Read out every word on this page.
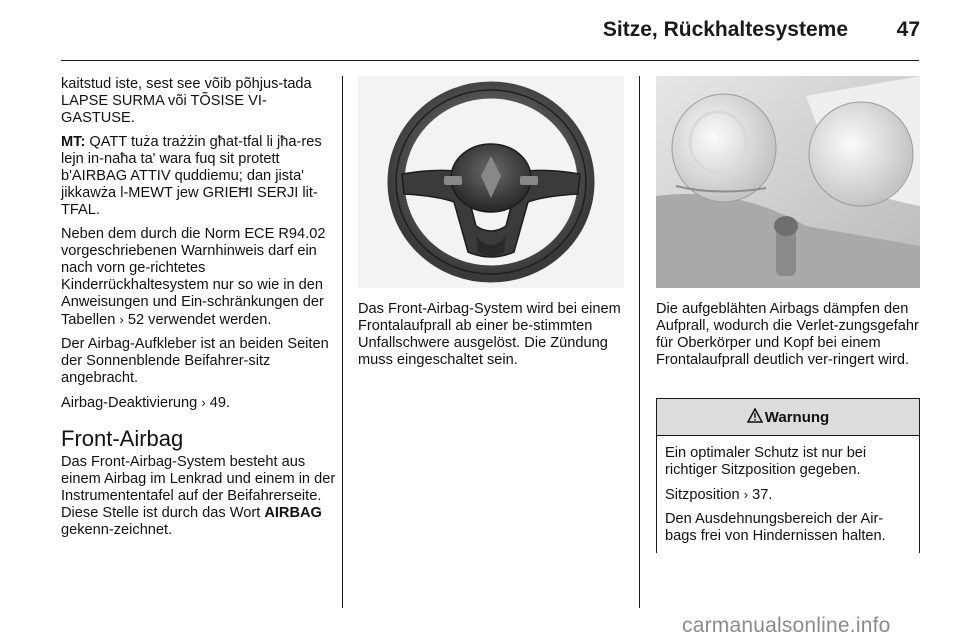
Sitze, Rückhaltesysteme 47

kaitstud iste, sest see võib põhjus-tada LAPSE SURMA või TÕSISE VI-GASTUSE.

MT: QATT tuża trażżin għat-tfal li jħa-res lejn in-naħa ta' wara fuq sit protett b'AIRBAG ATTIV quddiemu; dan jista' jikkawża l-MEWT jew GRIEĦI SERJI lit-TFAL.

Neben dem durch die Norm ECE R94.02 vorgeschriebenen Warnhinweis darf ein nach vorn ge-richtetes Kinderrückhaltesystem nur so wie in den Anweisungen und Ein-schränkungen der Tabellen › 52 verwendet werden.

Der Airbag-Aufkleber ist an beiden Seiten der Sonnenblende Beifahrer-sitz angebracht.

Airbag-Deaktivierung › 49.

Front-Airbag

Das Front-Airbag-System besteht aus einem Airbag im Lenkrad und einem in der Instrumententafel auf der Beifahrerseite. Diese Stelle ist durch das Wort AIRBAG gekenn-zeichnet.

Das Front-Airbag-System wird bei einem Frontalaufprall ab einer be-stimmten Unfallschwere ausgelöst. Die Zündung muss eingeschaltet sein.

Die aufgeblähten Airbags dämpfen den Aufprall, wodurch die Verlet-zungsgefahr für Oberkörper und Kopf bei einem Frontalaufprall deutlich ver-ringert wird.

Warnung

Ein optimaler Schutz ist nur bei richtiger Sitzposition gegeben.

Sitzposition › 37.

Den Ausdehnungsbereich der Air-bags frei von Hindernissen halten.

carmanualsonline.info
